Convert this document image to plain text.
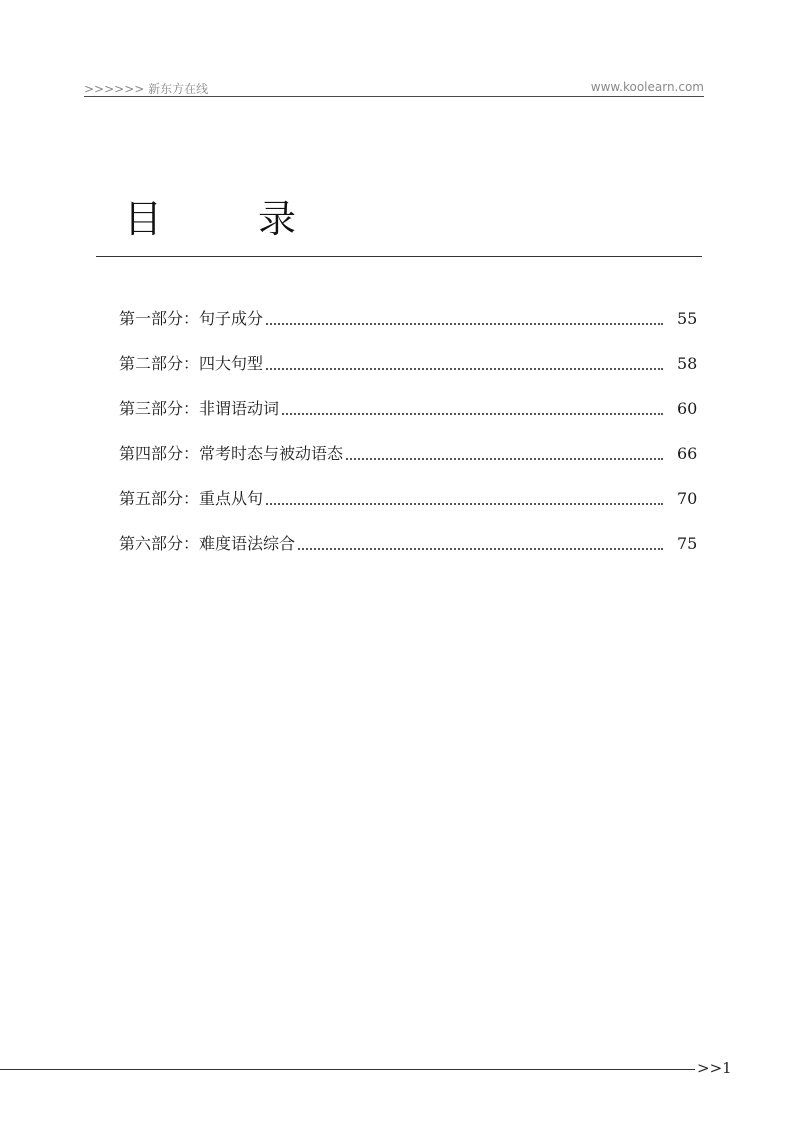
>>>>>> 新东方在线	www.koolearn.com
目	录
第一部分：句子成分	55
第二部分：四大句型	58
第三部分：非谓语动词	60
第四部分：常考时态与被动语态	66
第五部分：重点从句	70
第六部分：难度语法综合	75
>>1
